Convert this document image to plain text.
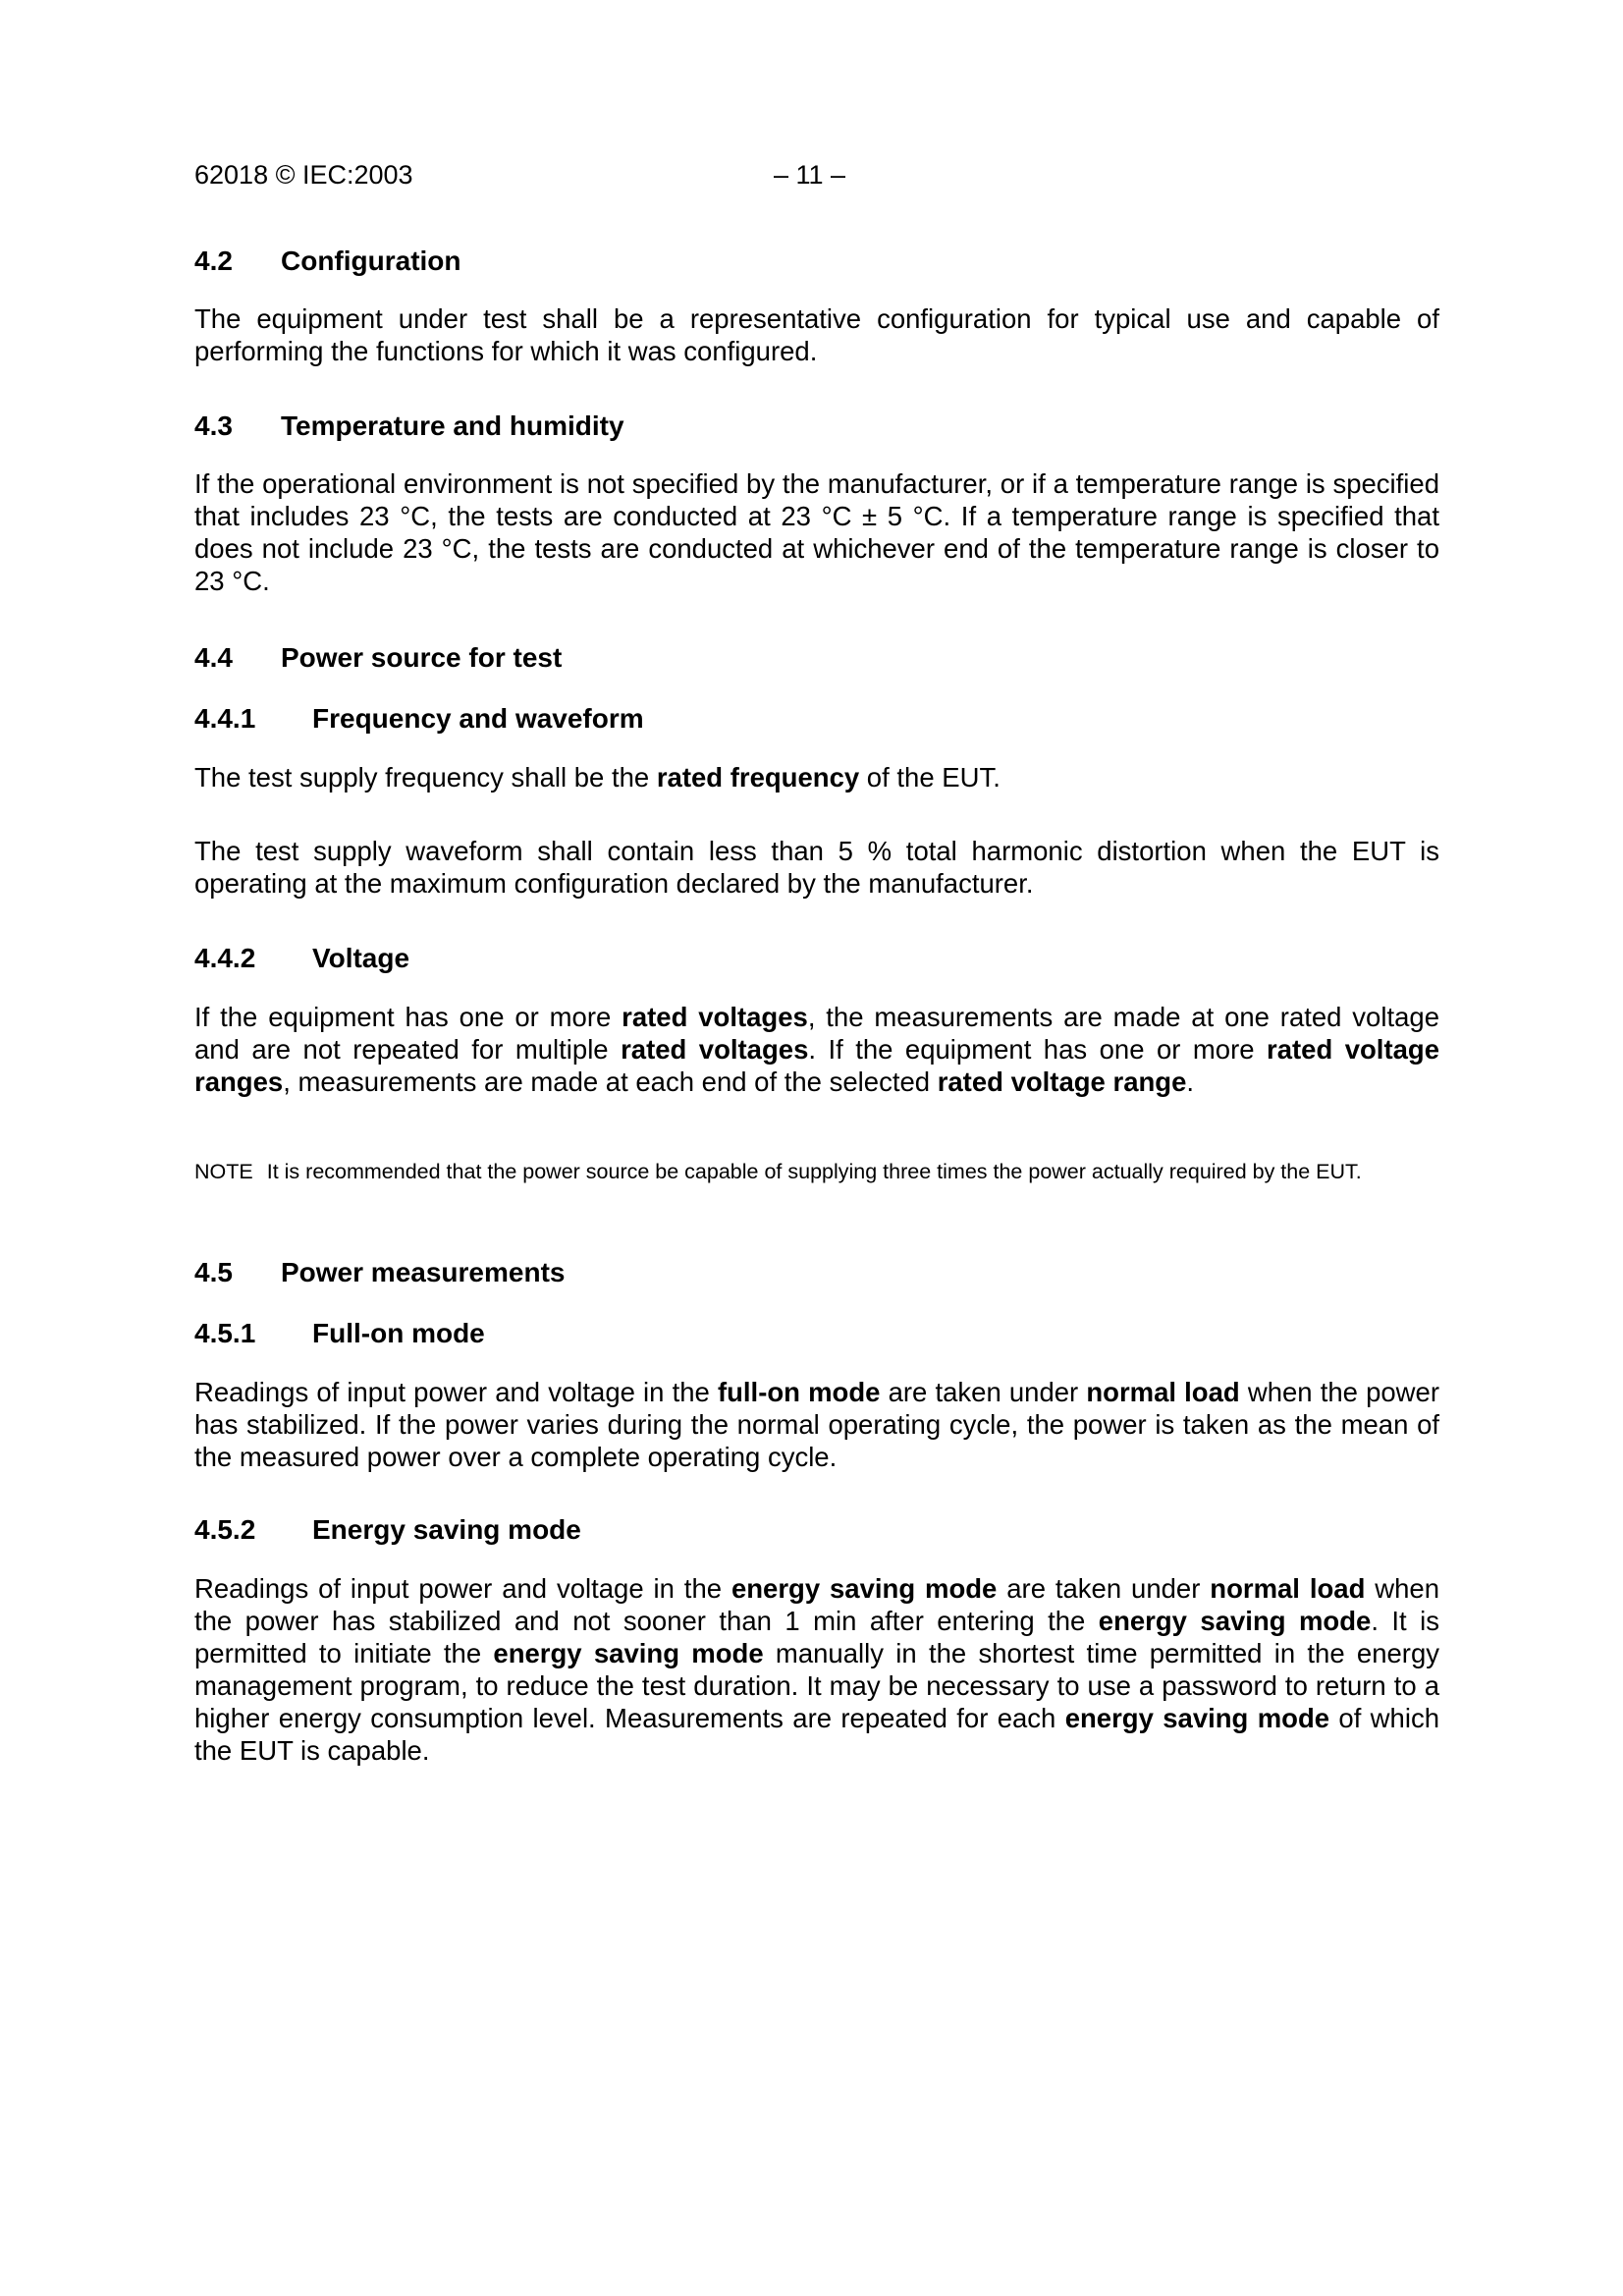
62018 © IEC:2003	– 11 –
4.2 Configuration

The equipment under test shall be a representative configuration for typical use and capable of performing the functions for which it was configured.

4.3 Temperature and humidity

If the operational environment is not specified by the manufacturer, or if a temperature range is specified that includes 23 °C, the tests are conducted at 23 °C ± 5 °C. If a temperature range is specified that does not include 23 °C, the tests are conducted at whichever end of the temperature range is closer to 23 °C.

4.4 Power source for test
4.4.1 Frequency and waveform

The test supply frequency shall be the rated frequency of the EUT.

The test supply waveform shall contain less than 5 % total harmonic distortion when the EUT is operating at the maximum configuration declared by the manufacturer.

4.4.2 Voltage

If the equipment has one or more rated voltages, the measurements are made at one rated voltage and are not repeated for multiple rated voltages. If the equipment has one or more rated voltage ranges, measurements are made at each end of the selected rated voltage range.

NOTE It is recommended that the power source be capable of supplying three times the power actually required by the EUT.

4.5 Power measurements
4.5.1 Full-on mode

Readings of input power and voltage in the full-on mode are taken under normal load when the power has stabilized. If the power varies during the normal operating cycle, the power is taken as the mean of the measured power over a complete operating cycle.

4.5.2 Energy saving mode

Readings of input power and voltage in the energy saving mode are taken under normal load when the power has stabilized and not sooner than 1 min after entering the energy saving mode. It is permitted to initiate the energy saving mode manually in the shortest time permitted in the energy management program, to reduce the test duration. It may be necessary to use a password to return to a higher energy consumption level. Measurements are repeated for each energy saving mode of which the EUT is capable.
